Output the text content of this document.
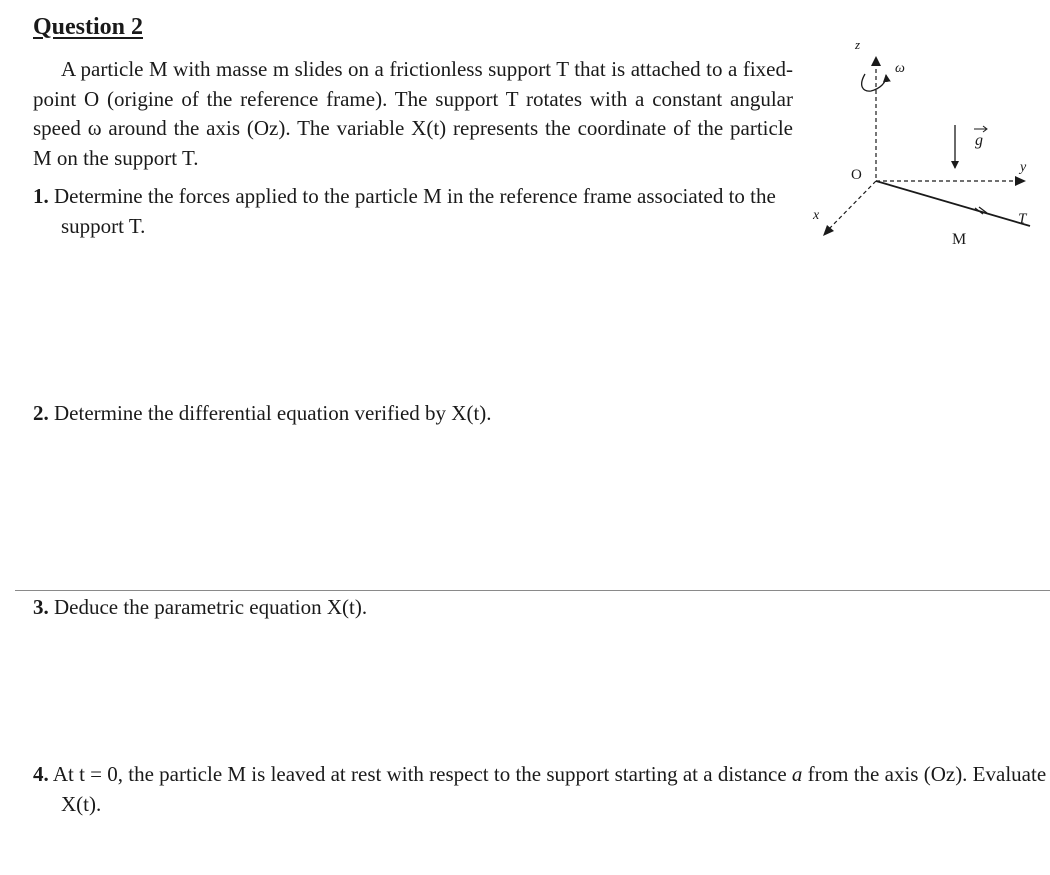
Question 2

A particle M with masse m slides on a frictionless support T that is attached to a fixed-point O (origine of the reference frame). The support T rotates with a constant angular speed ω around the axis (Oz). The variable X(t) represents the coordinate of the particle M on the support T.

1. Determine the forces applied to the particle M in the reference frame associated to the support T.

2. Determine the differential equation verified by X(t).

3. Deduce the parametric equation X(t).

4. At t = 0, the particle M is leaved at rest with respect to the support starting at a distance a from the axis (Oz). Evaluate X(t).

z
ω
g
O	y
x	T
M
